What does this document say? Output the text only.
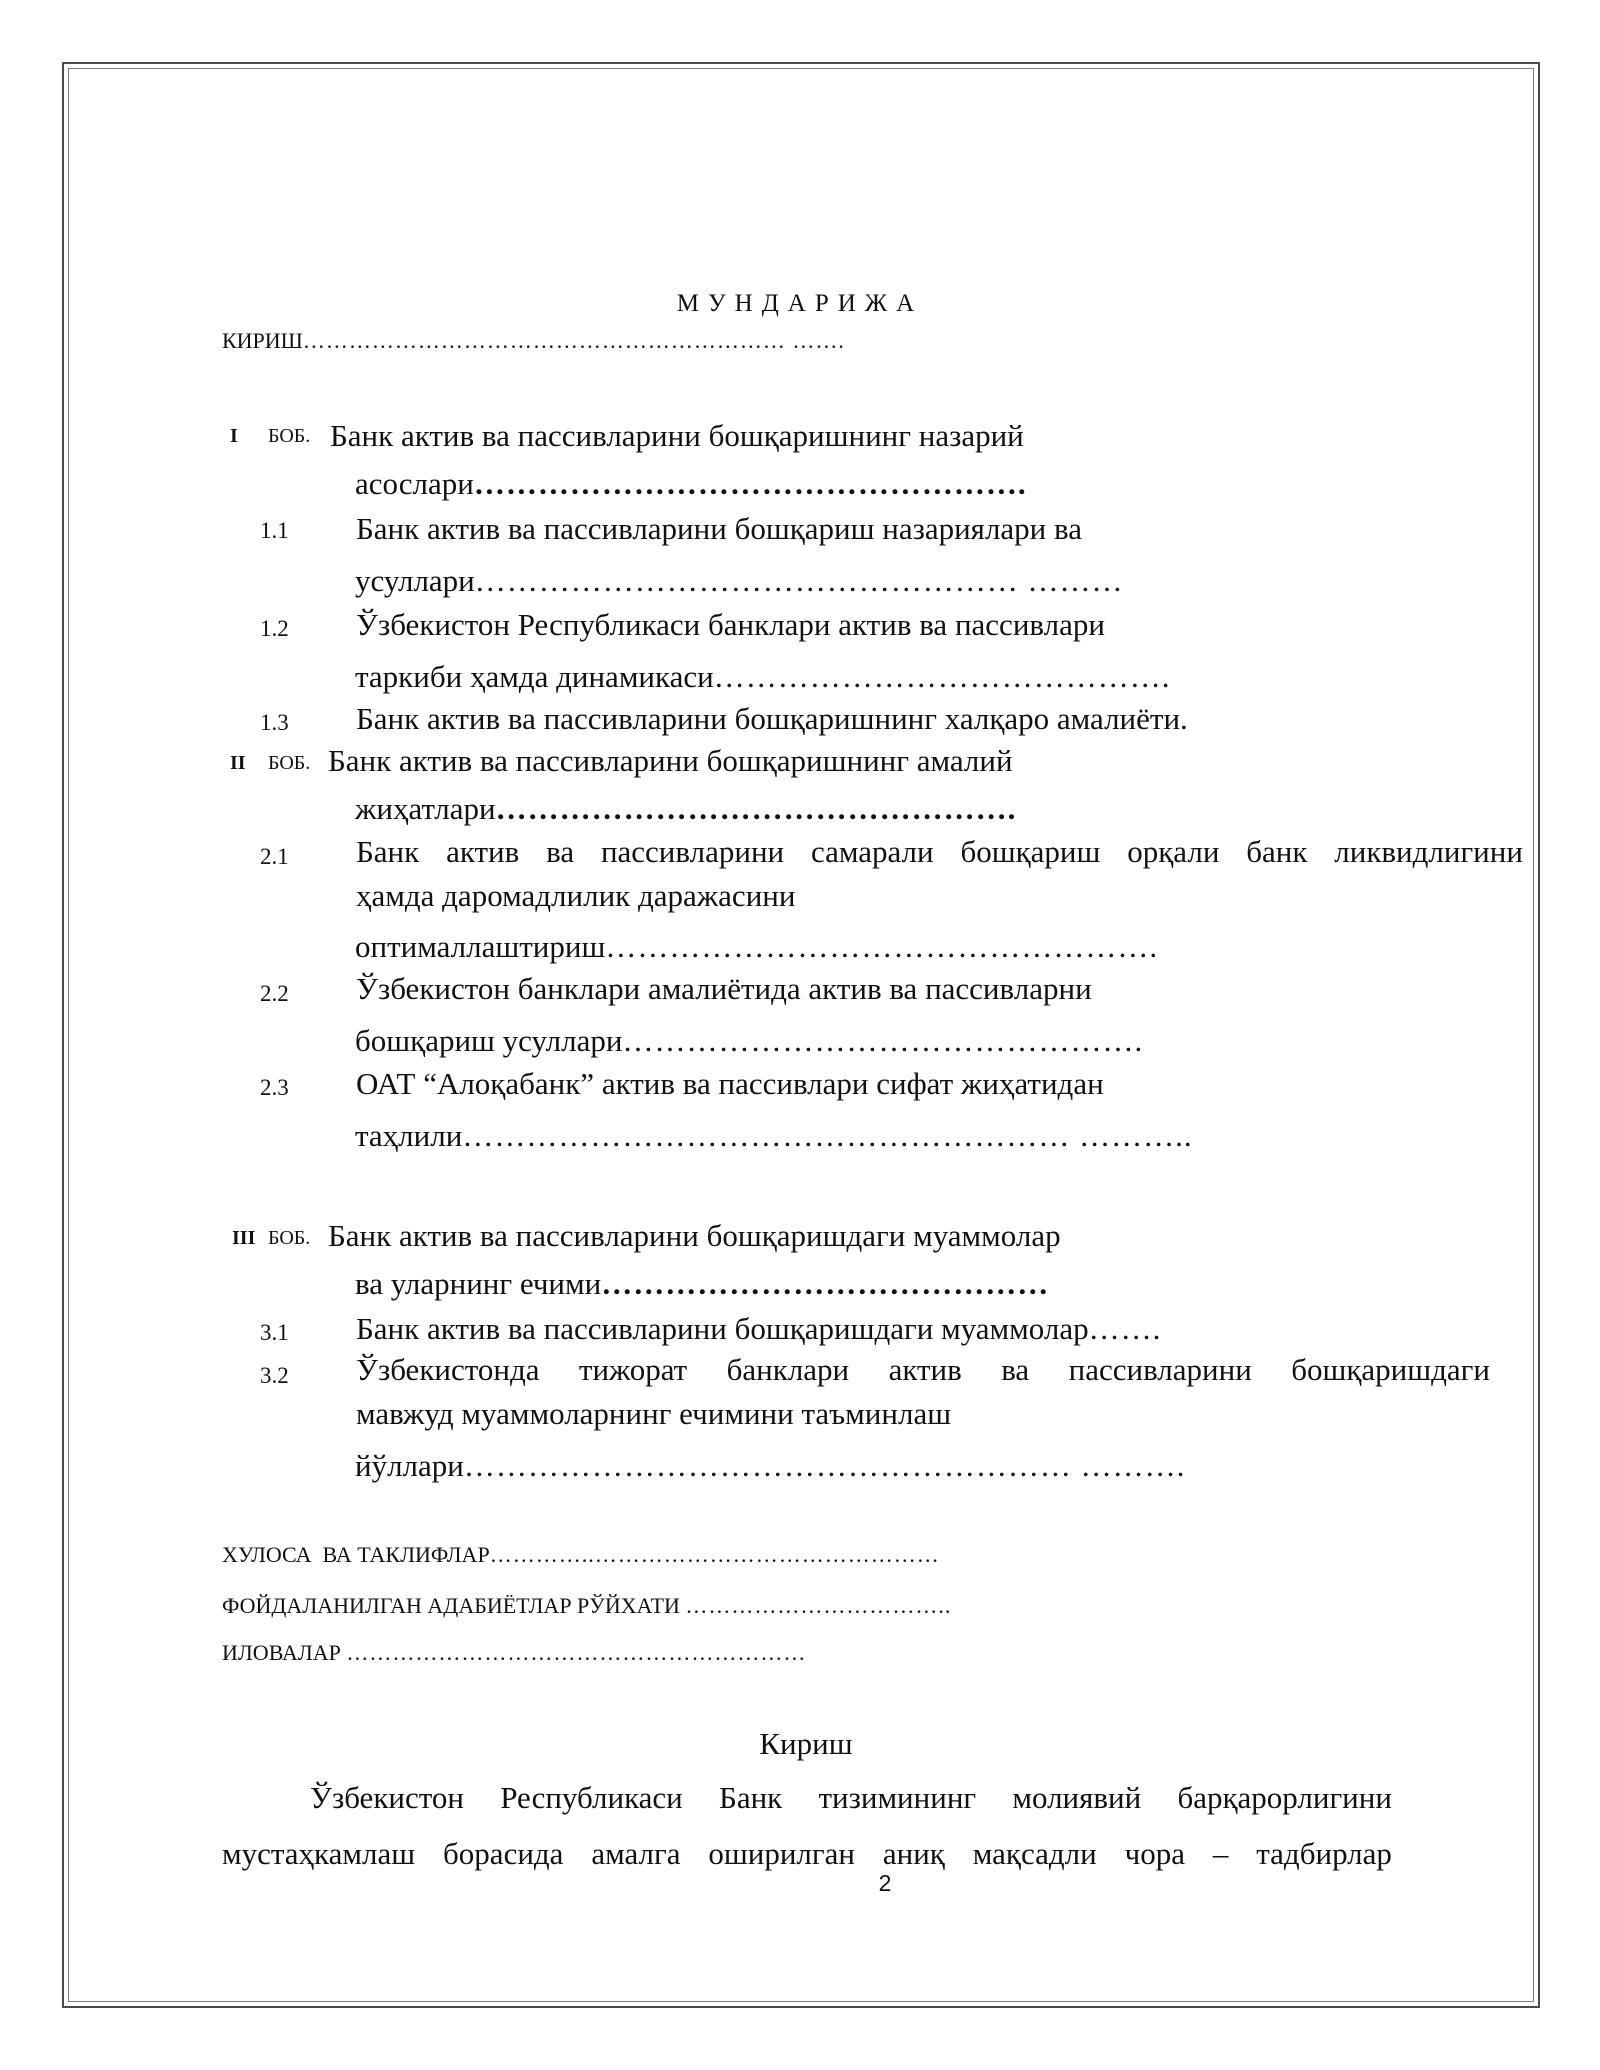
МУНДАРИЖА
КИРИШ……………………………………………………… …….
I БОБ. Банк актив ва пассивларини бошқаришнинг назарий
асослари…………………………………………….
1.1 Банк актив ва пассивларини бошқариш назариялари ва
усуллари…………………………………………… ………
1.2 Ўзбекистон Республикаси банклари актив ва пассивлари
таркиби ҳамда динамикаси…………………………………….
1.3 Банк актив ва пассивларини бошқаришнинг халқаро амалиёти.
II БОБ. Банк актив ва пассивларини бошқаришнинг амалий
жиҳатлари………………………………………….
2.1 Банк актив ва пассивларини самарали бошқариш орқали банк ликвидлигини
ҳамда даромадлилик даражасини
оптималлаштириш…………………………………………….
2.2 Ўзбекистон банклари амалиётида актив ва пассивларни
бошқариш усуллари………………………………………….
2.3 ОАТ “Алоқабанк” актив ва пассивлари сифат жиҳатидан
таҳлили………………………………………………… ………..
III БОБ. Банк актив ва пассивларини бошқаришдаги муаммолар
ва уларнинг ечими……………………………………
3.1 Банк актив ва пассивларини бошқаришдаги муаммолар…….
3.2 Ўзбекистонда тижорат банклари актив ва пассивларини бошқаришдаги
мавжуд муаммоларнинг ечимини таъминлаш
йўллари………………………………………………… ……….
ХУЛОСА  ВА ТАКЛИФЛАР…………..………………………………………
ФОЙДАЛАНИЛГАН АДАБИЁТЛАР РЎЙХАТИ ……………………………..
ИЛОВАЛАР ……………………………………………………
Кириш
Ўзбекистон Республикаси Банк тизимининг молиявий барқарорлигини
мустаҳкамлаш борасида амалга оширилган аниқ мақсадли чора – тадбирлар
2
